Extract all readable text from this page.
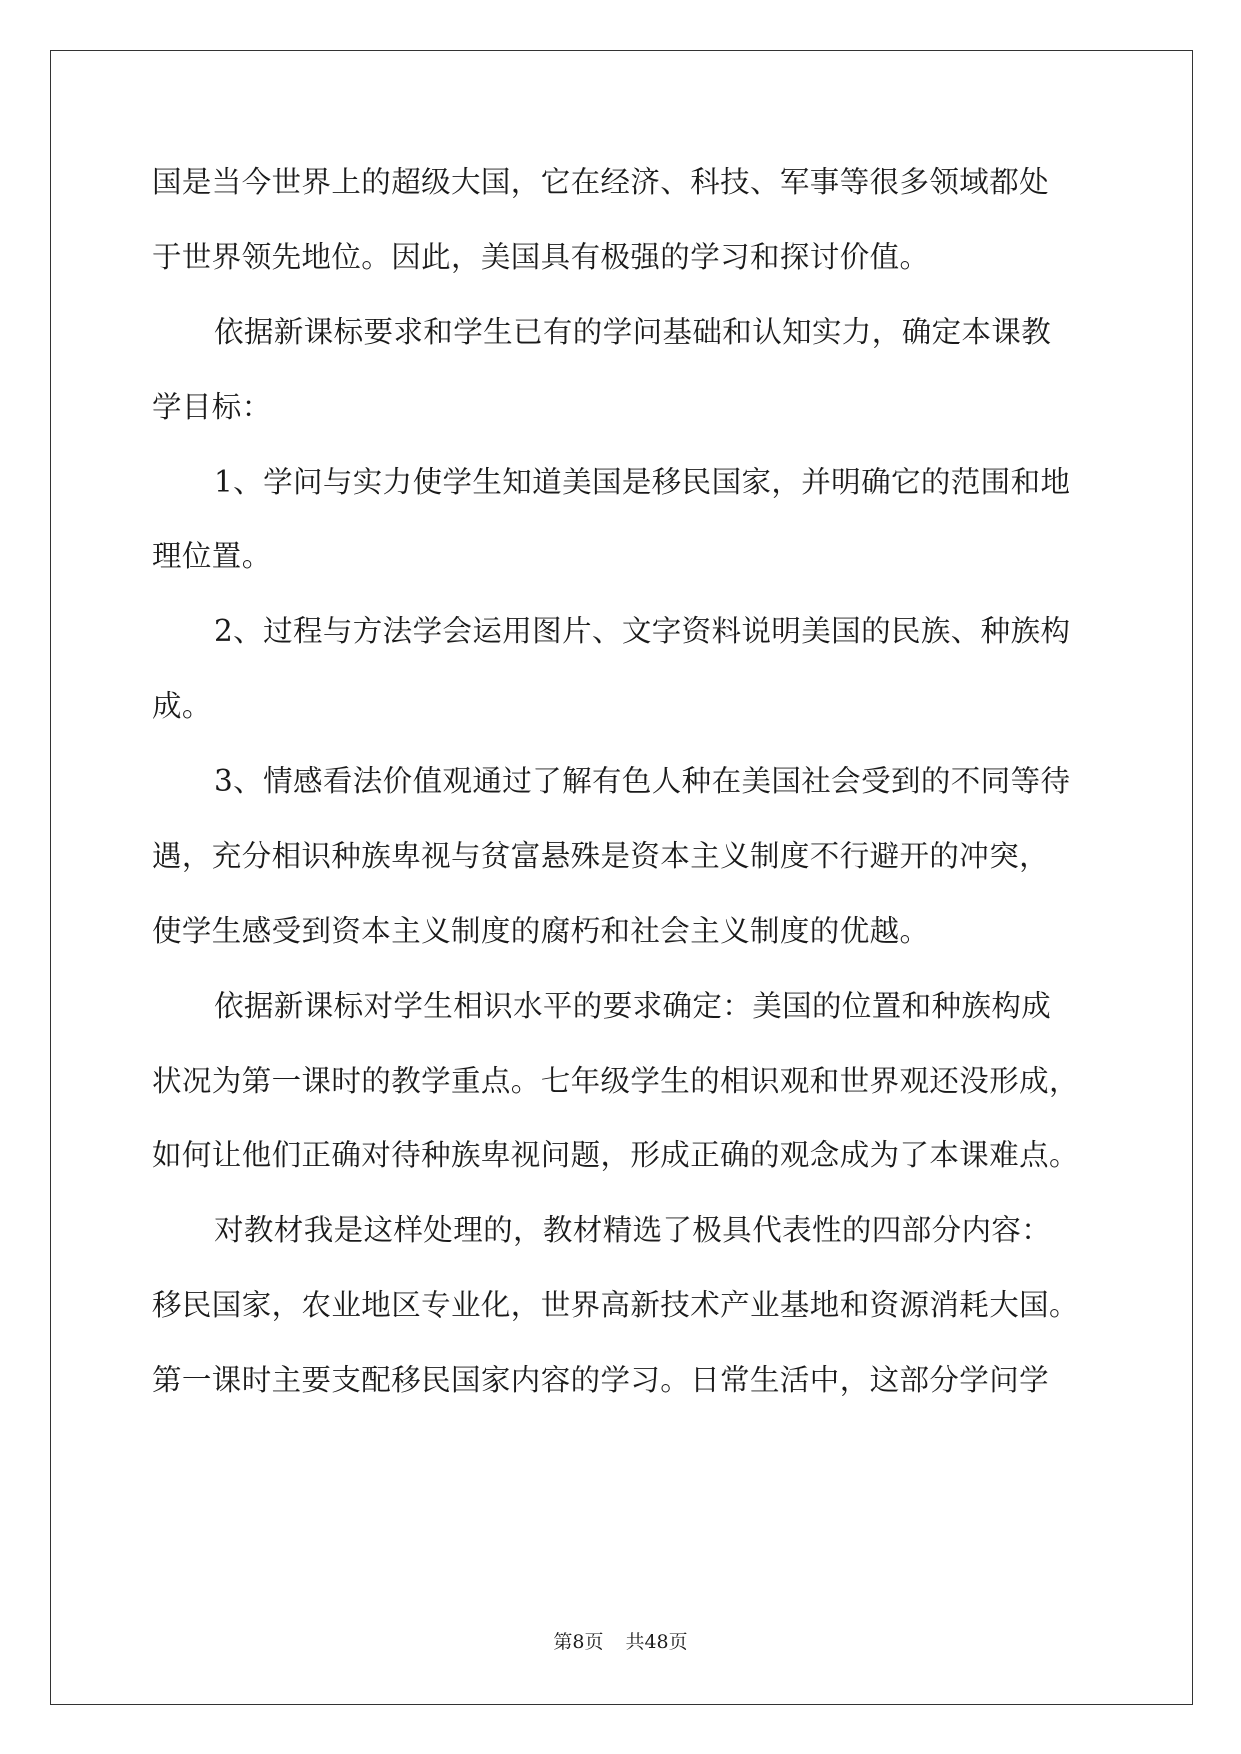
国是当今世界上的超级大国，它在经济、科技、军事等很多领域都处
于世界领先地位。因此，美国具有极强的学习和探讨价值。
依据新课标要求和学生已有的学问基础和认知实力，确定本课教
学目标：
1、学问与实力使学生知道美国是移民国家，并明确它的范围和地
理位置。
2、过程与方法学会运用图片、文字资料说明美国的民族、种族构
成。
3、情感看法价值观通过了解有色人种在美国社会受到的不同等待
遇，充分相识种族卑视与贫富悬殊是资本主义制度不行避开的冲突，
使学生感受到资本主义制度的腐朽和社会主义制度的优越。
依据新课标对学生相识水平的要求确定：美国的位置和种族构成
状况为第一课时的教学重点。七年级学生的相识观和世界观还没形成，
如何让他们正确对待种族卑视问题，形成正确的观念成为了本课难点。
对教材我是这样处理的，教材精选了极具代表性的四部分内容：
移民国家，农业地区专业化，世界高新技术产业基地和资源消耗大国。
第一课时主要支配移民国家内容的学习。日常生活中，这部分学问学
第8页 共48页
